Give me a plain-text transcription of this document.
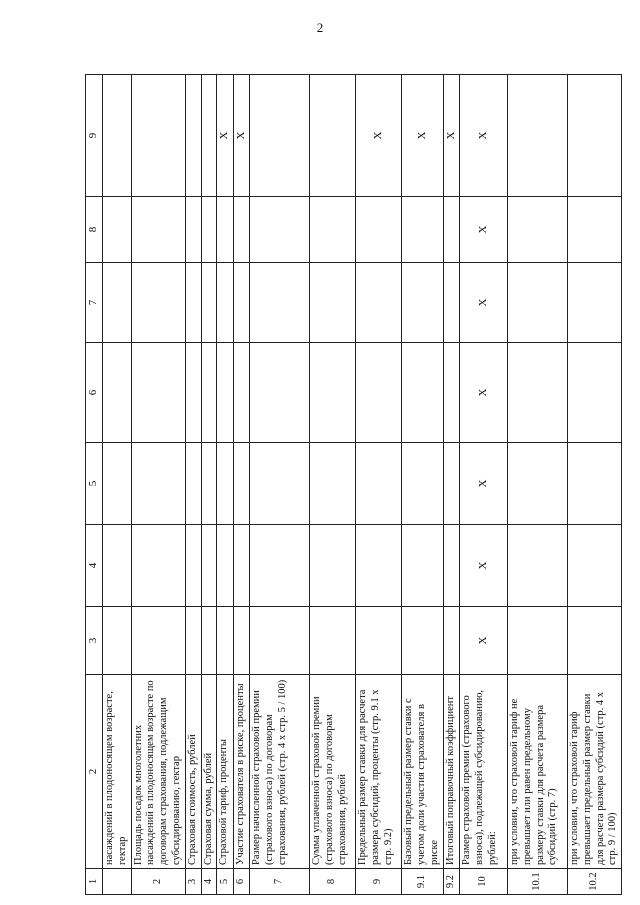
2
1	2	3	4	5	6	7	8	9
	насаждений в плодоносящем возрасте, гектар							
2	Площадь посадок многолетних насаждений в плодоносящем возрасте по договорам страхования, подлежащим субсидированию, гектар							
3	Страховая стоимость, рублей							
4	Страховая сумма, рублей							
5	Страховой тариф, проценты							X
6	Участие страхователя в риске, проценты							X
7	Размер начисленной страховой премии (страхового взноса) по договорам страхования, рублей (стр. 4 х стр. 5 / 100)							
8	Сумма уплаченной страховой премии (страхового взноса) по договорам страхования, рублей							
9	Предельный размер ставки для расчета размера субсидий, проценты (стр. 9.1 х стр. 9.2)							X
9.1	Базовый предельный размер ставки с учетом доли участия страхователя в риске							X
9.2	Итоговый поправочный коэффициент							X
10	Размер страховой премии (страхового взноса), подлежащей субсидированию, рублей:	X	X	X	X	X	X	X
10.1	при условии, что страховой тариф не превышает или равен предельному размеру ставки для расчета размера субсидий (стр. 7)							
10.2	при условии, что страховой тариф превышает предельный размер ставки для расчета размера субсидий (стр. 4 х стр. 9 / 100)							
